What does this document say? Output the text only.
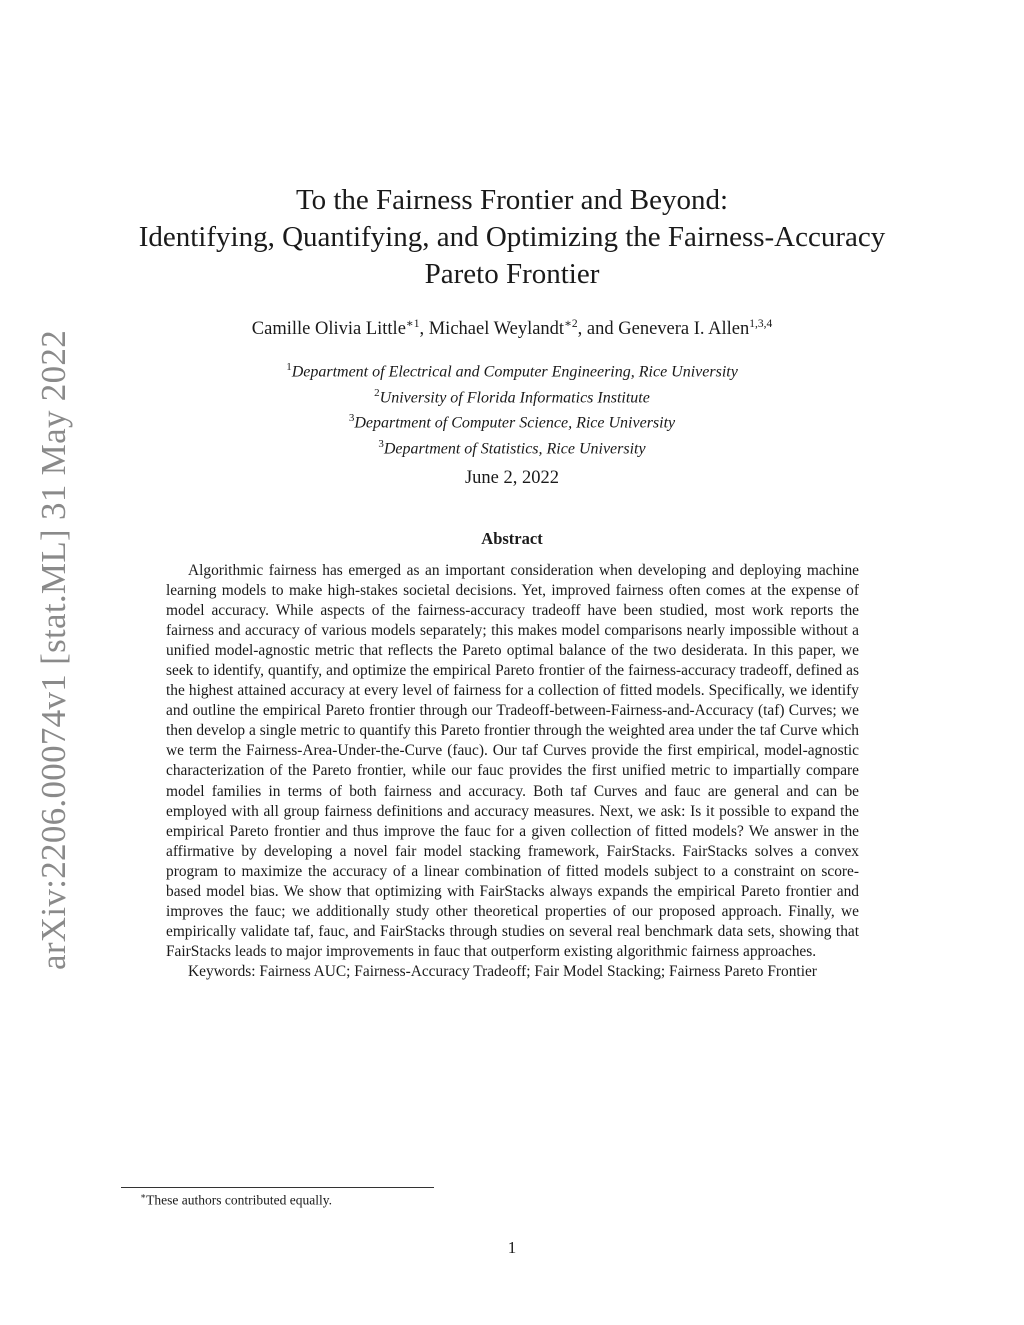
arXiv:2206.00074v1 [stat.ML] 31 May 2022
To the Fairness Frontier and Beyond:
Identifying, Quantifying, and Optimizing the Fairness-Accuracy
Pareto Frontier
Camille Olivia Little$^{∗1}$, Michael Weylandt$^{∗2}$, and Genevera I. Allen$^{1,3,4}$
$^1$Department of Electrical and Computer Engineering, Rice University
$^2$University of Florida Informatics Institute
$^3$Department of Computer Science, Rice University
$^3$Department of Statistics, Rice University
June 2, 2022
Abstract

Algorithmic fairness has emerged as an important consideration when developing and deploying machine learning models to make high-stakes societal decisions. Yet, improved fairness often comes at the expense of model accuracy. While aspects of the fairness-accuracy tradeoff have been studied, most work reports the fairness and accuracy of various models separately; this makes model comparisons nearly impossible without a unified model-agnostic metric that reflects the Pareto optimal balance of the two desiderata. In this paper, we seek to identify, quantify, and optimize the empirical Pareto frontier of the fairness-accuracy tradeoff, defined as the highest attained accuracy at every level of fairness for a collection of fitted models. Specifically, we identify and outline the empirical Pareto frontier through our Tradeoff-between-Fairness-and-Accuracy (taf) Curves; we then develop a single metric to quantify this Pareto frontier through the weighted area under the taf Curve which we term the Fairness-Area-Under-the-Curve (fauc). Our taf Curves provide the first empirical, model-agnostic characterization of the Pareto frontier, while our fauc provides the first unified metric to impartially compare model families in terms of both fairness and accuracy. Both taf Curves and fauc are general and can be employed with all group fairness definitions and accuracy measures. Next, we ask: Is it possible to expand the empirical Pareto frontier and thus improve the fauc for a given collection of fitted models? We answer in the affirmative by developing a novel fair model stacking framework, FairStacks. FairStacks solves a convex program to maximize the accuracy of a linear combination of fitted models subject to a constraint on score-based model bias. We show that optimizing with FairStacks always expands the empirical Pareto frontier and improves the fauc; we additionally study other theoretical properties of our proposed approach. Finally, we empirically validate taf, fauc, and FairStacks through studies on several real benchmark data sets, showing that FairStacks leads to major improvements in fauc that outperform existing algorithmic fairness approaches.

Keywords: Fairness AUC; Fairness-Accuracy Tradeoff; Fair Model Stacking; Fairness Pareto Frontier

∗These authors contributed equally.
1
